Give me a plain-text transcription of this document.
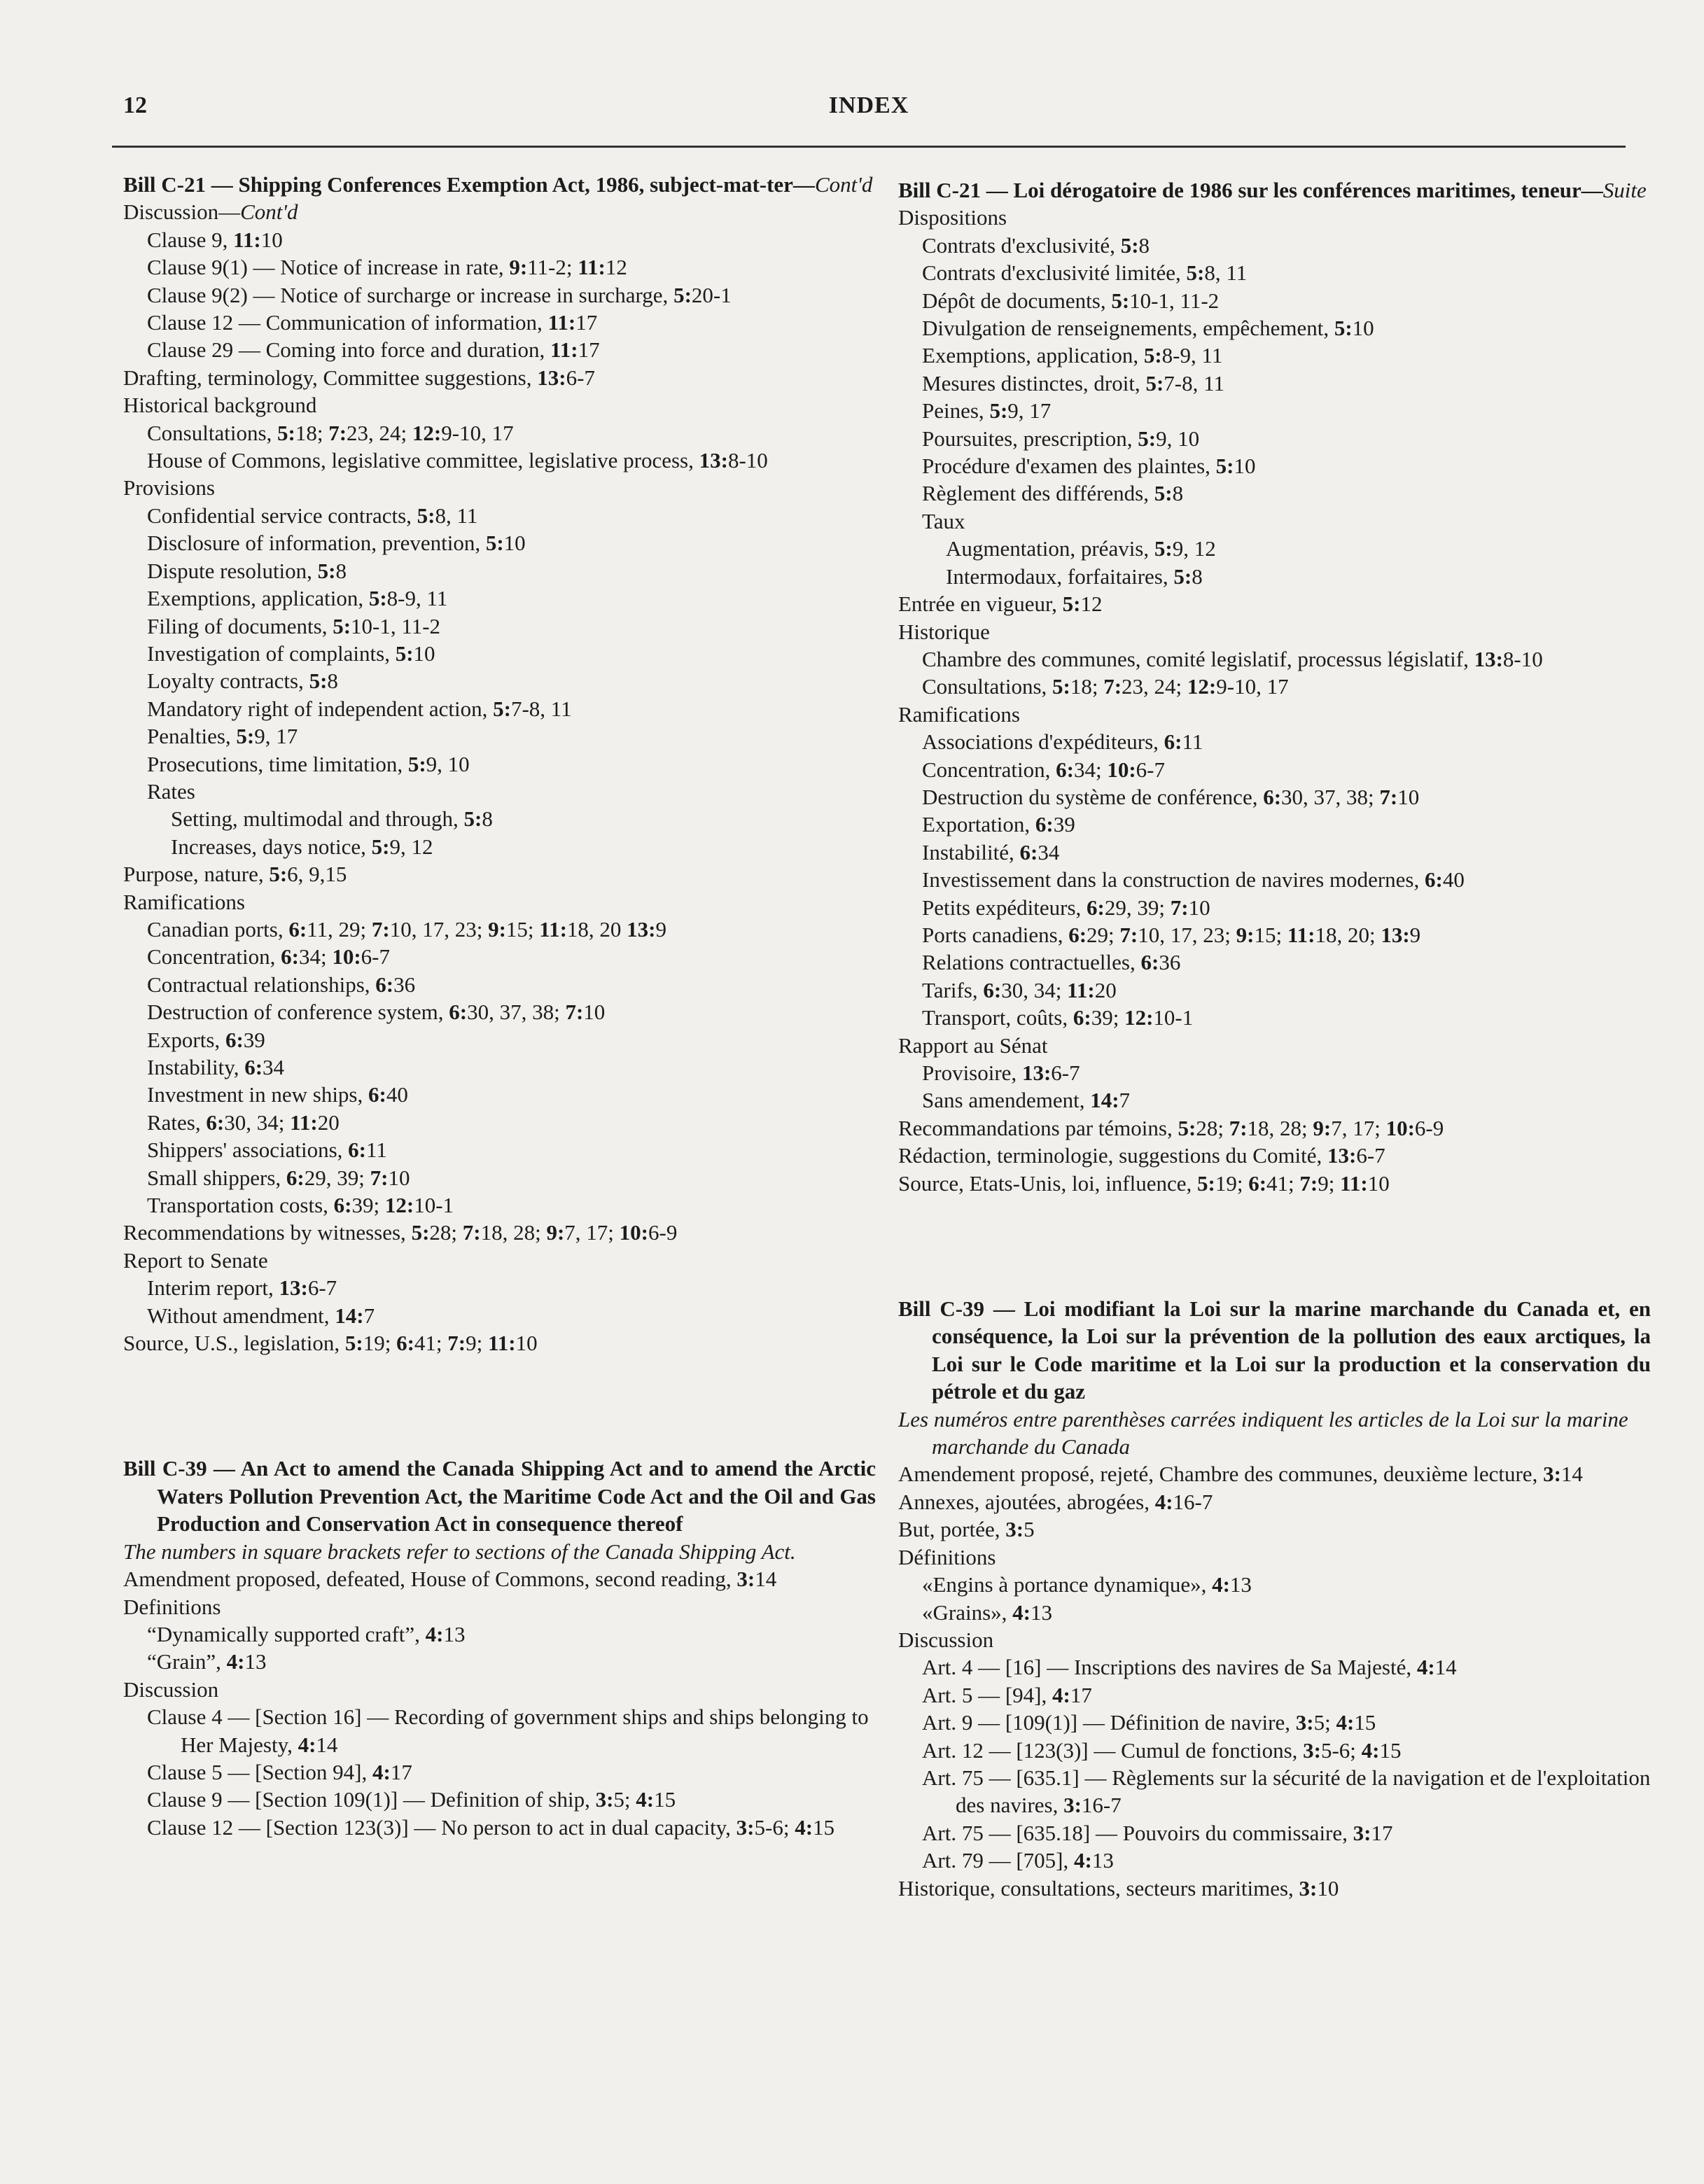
12	INDEX
Bill C-21 — Shipping Conferences Exemption Act, 1986, subject-mat-ter—Cont'd
Discussion—Cont'd
Clause 9, 11:10
Clause 9(1) — Notice of increase in rate, 9:11-2; 11:12
Clause 9(2) — Notice of surcharge or increase in surcharge, 5:20-1
Clause 12 — Communication of information, 11:17
Clause 29 — Coming into force and duration, 11:17
Drafting, terminology, Committee suggestions, 13:6-7
Historical background
Consultations, 5:18; 7:23, 24; 12:9-10, 17
House of Commons, legislative committee, legislative process, 13:8-10
Provisions
Confidential service contracts, 5:8, 11
Disclosure of information, prevention, 5:10
Dispute resolution, 5:8
Exemptions, application, 5:8-9, 11
Filing of documents, 5:10-1, 11-2
Investigation of complaints, 5:10
Loyalty contracts, 5:8
Mandatory right of independent action, 5:7-8, 11
Penalties, 5:9, 17
Prosecutions, time limitation, 5:9, 10
Rates
Setting, multimodal and through, 5:8
Increases, days notice, 5:9, 12
Purpose, nature, 5:6, 9,15
Ramifications
Canadian ports, 6:11, 29; 7:10, 17, 23; 9:15; 11:18, 20 13:9
Concentration, 6:34; 10:6-7
Contractual relationships, 6:36
Destruction of conference system, 6:30, 37, 38; 7:10
Exports, 6:39
Instability, 6:34
Investment in new ships, 6:40
Rates, 6:30, 34; 11:20
Shippers' associations, 6:11
Small shippers, 6:29, 39; 7:10
Transportation costs, 6:39; 12:10-1
Recommendations by witnesses, 5:28; 7:18, 28; 9:7, 17; 10:6-9
Report to Senate
Interim report, 13:6-7
Without amendment, 14:7
Source, U.S., legislation, 5:19; 6:41; 7:9; 11:10
Bill C-39 — An Act to amend the Canada Shipping Act and to amend the Arctic Waters Pollution Prevention Act, the Maritime Code Act and the Oil and Gas Production and Conservation Act in consequence thereof
The numbers in square brackets refer to sections of the Canada Shipping Act.
Amendment proposed, defeated, House of Commons, second reading, 3:14
Definitions
“Dynamically supported craft”, 4:13
“Grain”, 4:13
Discussion
Clause 4 — [Section 16] — Recording of government ships and ships belonging to Her Majesty, 4:14
Clause 5 — [Section 94], 4:17
Clause 9 — [Section 109(1)] — Definition of ship, 3:5; 4:15
Clause 12 — [Section 123(3)] — No person to act in dual capacity, 3:5-6; 4:15
Bill C-21 — Loi dérogatoire de 1986 sur les conférences maritimes, teneur—Suite
Dispositions
Contrats d'exclusivité, 5:8
Contrats d'exclusivité limitée, 5:8, 11
Dépôt de documents, 5:10-1, 11-2
Divulgation de renseignements, empêchement, 5:10
Exemptions, application, 5:8-9, 11
Mesures distinctes, droit, 5:7-8, 11
Peines, 5:9, 17
Poursuites, prescription, 5:9, 10
Procédure d'examen des plaintes, 5:10
Règlement des différends, 5:8
Taux
Augmentation, préavis, 5:9, 12
Intermodaux, forfaitaires, 5:8
Entrée en vigueur, 5:12
Historique
Chambre des communes, comité legislatif, processus législatif, 13:8-10
Consultations, 5:18; 7:23, 24; 12:9-10, 17
Ramifications
Associations d'expéditeurs, 6:11
Concentration, 6:34; 10:6-7
Destruction du système de conférence, 6:30, 37, 38; 7:10
Exportation, 6:39
Instabilité, 6:34
Investissement dans la construction de navires modernes, 6:40
Petits expéditeurs, 6:29, 39; 7:10
Ports canadiens, 6:29; 7:10, 17, 23; 9:15; 11:18, 20; 13:9
Relations contractuelles, 6:36
Tarifs, 6:30, 34; 11:20
Transport, coûts, 6:39; 12:10-1
Rapport au Sénat
Provisoire, 13:6-7
Sans amendement, 14:7
Recommandations par témoins, 5:28; 7:18, 28; 9:7, 17; 10:6-9
Rédaction, terminologie, suggestions du Comité, 13:6-7
Source, Etats-Unis, loi, influence, 5:19; 6:41; 7:9; 11:10
Bill C-39 — Loi modifiant la Loi sur la marine marchande du Canada et, en conséquence, la Loi sur la prévention de la pollution des eaux arctiques, la Loi sur le Code maritime et la Loi sur la production et la conservation du pétrole et du gaz
Les numéros entre parenthèses carrées indiquent les articles de la Loi sur la marine marchande du Canada
Amendement proposé, rejeté, Chambre des communes, deuxième lecture, 3:14
Annexes, ajoutées, abrogées, 4:16-7
But, portée, 3:5
Définitions
«Engins à portance dynamique», 4:13
«Grains», 4:13
Discussion
Art. 4 — [16] — Inscriptions des navires de Sa Majesté, 4:14
Art. 5 — [94], 4:17
Art. 9 — [109(1)] — Définition de navire, 3:5; 4:15
Art. 12 — [123(3)] — Cumul de fonctions, 3:5-6; 4:15
Art. 75 — [635.1] — Règlements sur la sécurité de la navigation et de l'exploitation des navires, 3:16-7
Art. 75 — [635.18] — Pouvoirs du commissaire, 3:17
Art. 79 — [705], 4:13
Historique, consultations, secteurs maritimes, 3:10
